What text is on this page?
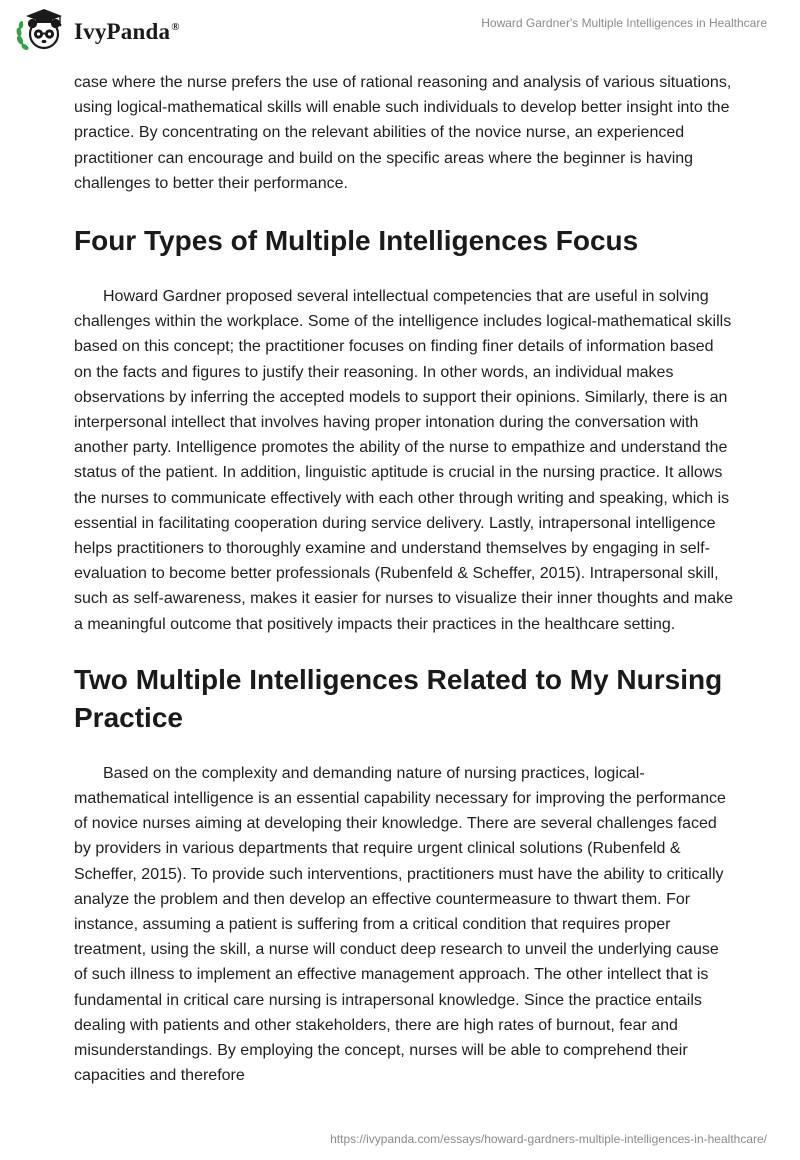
IvyPanda®	Howard Gardner's Multiple Intelligences in Healthcare

case where the nurse prefers the use of rational reasoning and analysis of various situations, using logical-mathematical skills will enable such individuals to develop better insight into the practice. By concentrating on the relevant abilities of the novice nurse, an experienced practitioner can encourage and build on the specific areas where the beginner is having challenges to better their performance.

Four Types of Multiple Intelligences Focus

Howard Gardner proposed several intellectual competencies that are useful in solving challenges within the workplace. Some of the intelligence includes logical-mathematical skills based on this concept; the practitioner focuses on finding finer details of information based on the facts and figures to justify their reasoning. In other words, an individual makes observations by inferring the accepted models to support their opinions. Similarly, there is an interpersonal intellect that involves having proper intonation during the conversation with another party. Intelligence promotes the ability of the nurse to empathize and understand the status of the patient. In addition, linguistic aptitude is crucial in the nursing practice. It allows the nurses to communicate effectively with each other through writing and speaking, which is essential in facilitating cooperation during service delivery. Lastly, intrapersonal intelligence helps practitioners to thoroughly examine and understand themselves by engaging in self-evaluation to become better professionals (Rubenfeld & Scheffer, 2015). Intrapersonal skill, such as self-awareness, makes it easier for nurses to visualize their inner thoughts and make a meaningful outcome that positively impacts their practices in the healthcare setting.

Two Multiple Intelligences Related to My Nursing Practice

Based on the complexity and demanding nature of nursing practices, logical-mathematical intelligence is an essential capability necessary for improving the performance of novice nurses aiming at developing their knowledge. There are several challenges faced by providers in various departments that require urgent clinical solutions (Rubenfeld & Scheffer, 2015). To provide such interventions, practitioners must have the ability to critically analyze the problem and then develop an effective countermeasure to thwart them. For instance, assuming a patient is suffering from a critical condition that requires proper treatment, using the skill, a nurse will conduct deep research to unveil the underlying cause of such illness to implement an effective management approach. The other intellect that is fundamental in critical care nursing is intrapersonal knowledge. Since the practice entails dealing with patients and other stakeholders, there are high rates of burnout, fear and misunderstandings. By employing the concept, nurses will be able to comprehend their capacities and therefore

https://ivypanda.com/essays/howard-gardners-multiple-intelligences-in-healthcare/
